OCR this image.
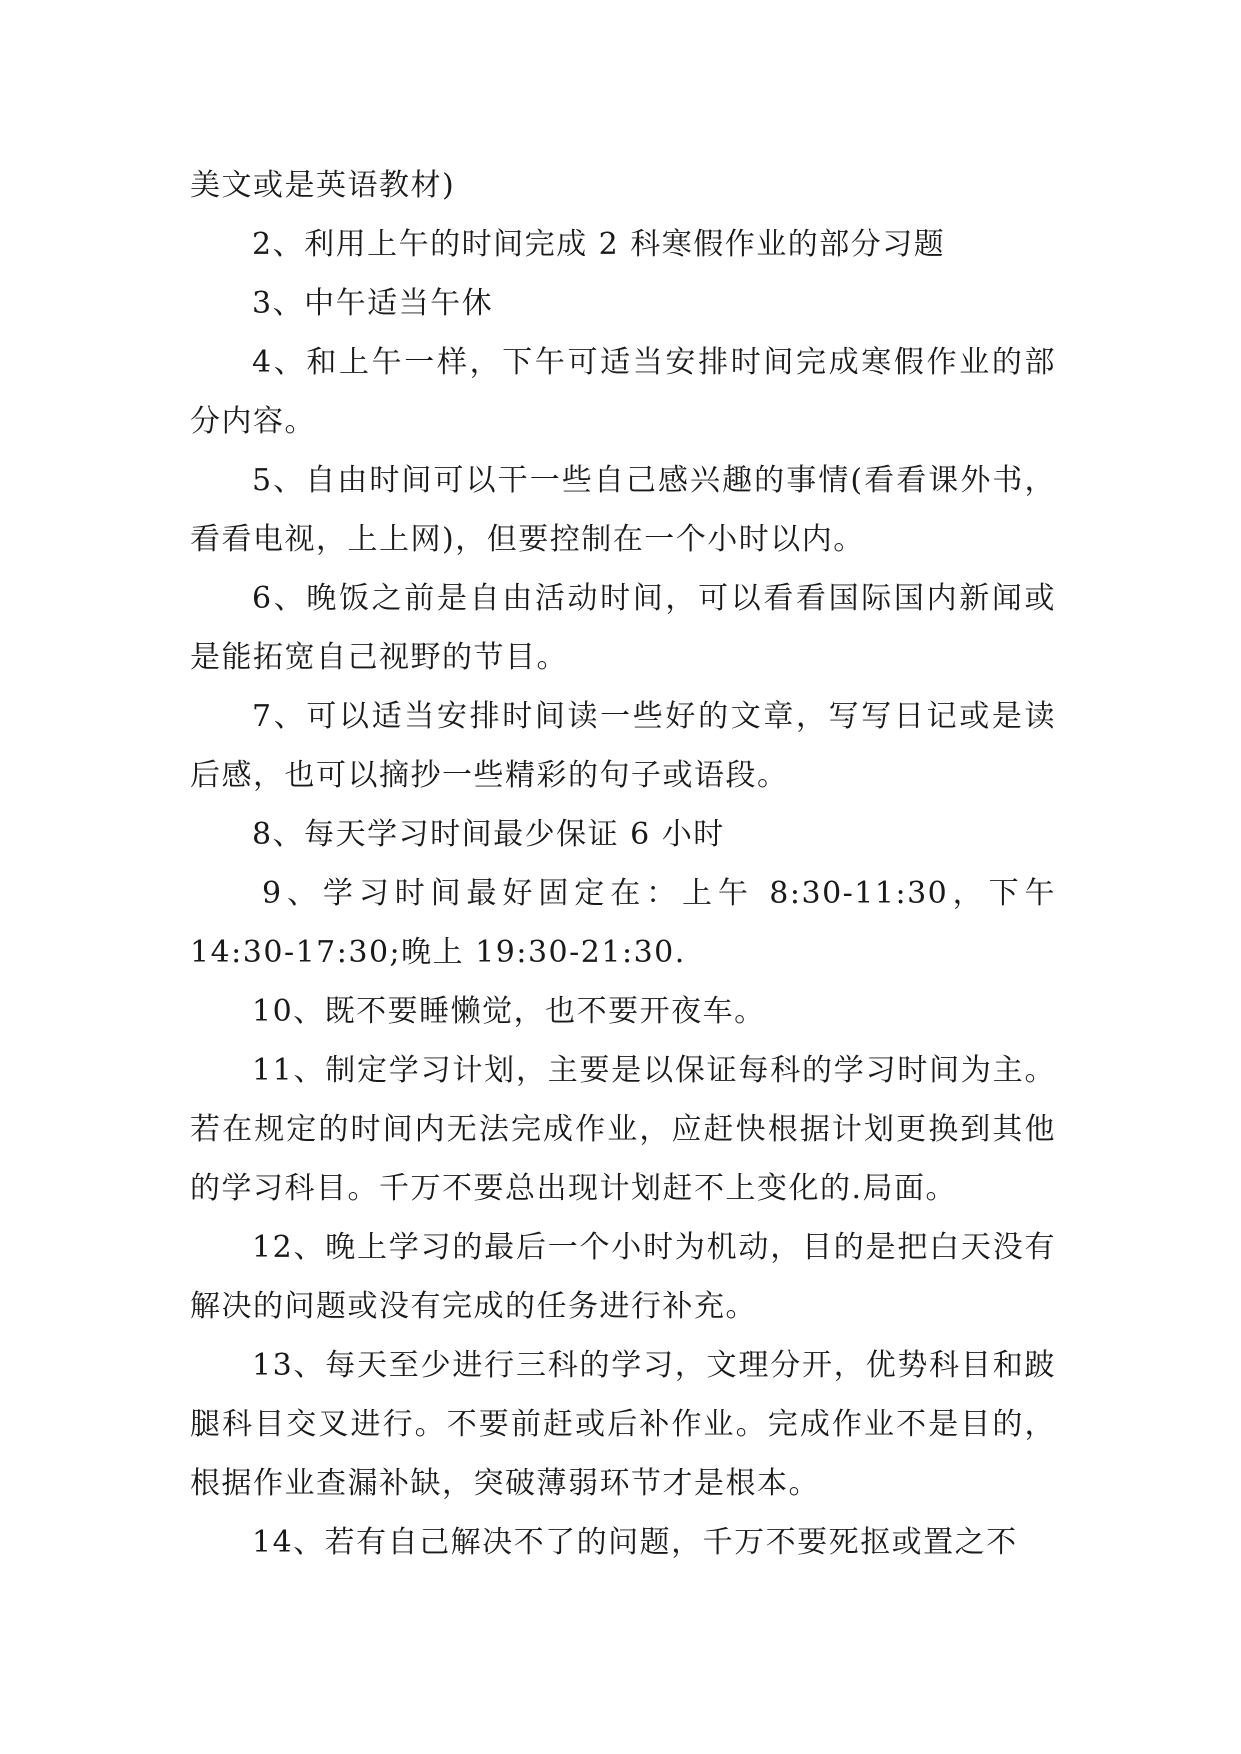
美文或是英语教材)

2、利用上午的时间完成 2 科寒假作业的部分习题

3、中午适当午休

4、和上午一样，下午可适当安排时间完成寒假作业的部分内容。

5、自由时间可以干一些自己感兴趣的事情(看看课外书，看看电视，上上网)，但要控制在一个小时以内。

6、晚饭之前是自由活动时间，可以看看国际国内新闻或是能拓宽自己视野的节目。

7、可以适当安排时间读一些好的文章，写写日记或是读后感，也可以摘抄一些精彩的句子或语段。

8、每天学习时间最少保证 6 小时

9、学习时间最好固定在：上午 8:30-11:30，下午 14:30-17:30;晚上 19:30-21:30.

10、既不要睡懒觉，也不要开夜车。

11、制定学习计划，主要是以保证每科的学习时间为主。若在规定的时间内无法完成作业，应赶快根据计划更换到其他的学习科目。千万不要总出现计划赶不上变化的.局面。

12、晚上学习的最后一个小时为机动，目的是把白天没有解决的问题或没有完成的任务进行补充。

13、每天至少进行三科的学习，文理分开，优势科目和跛腿科目交叉进行。不要前赶或后补作业。完成作业不是目的，根据作业查漏补缺，突破薄弱环节才是根本。

14、若有自己解决不了的问题，千万不要死抠或置之不
